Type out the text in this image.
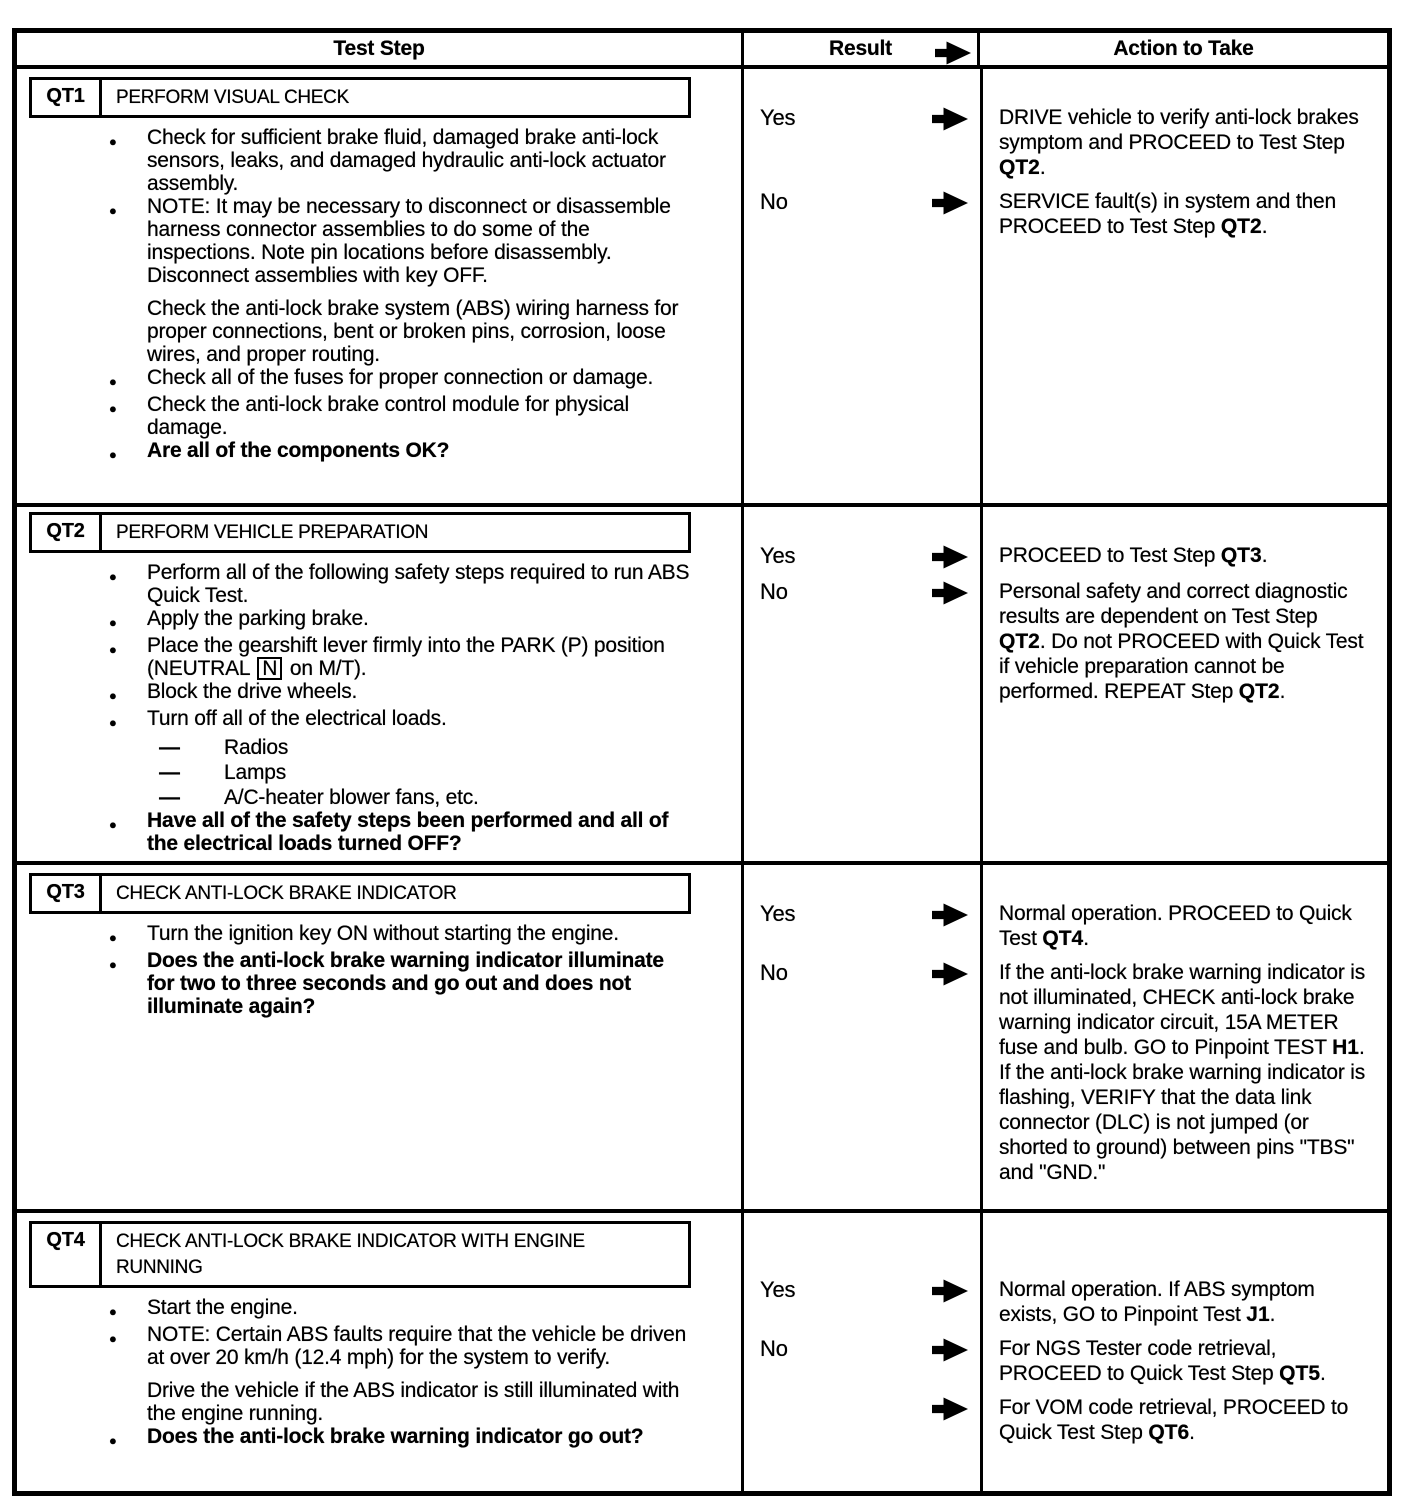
Test Step	Result	Action to Take
QT1	PERFORM VISUAL CHECK
●	Check for sufficient brake fluid, damaged brake anti-lock sensors, leaks, and damaged hydraulic anti-lock actuator assembly.
●	NOTE: It may be necessary to disconnect or disassemble harness connector assemblies to do some of the inspections. Note pin locations before disassembly. Disconnect assemblies with key OFF.
Check the anti-lock brake system (ABS) wiring harness for proper connections, bent or broken pins, corrosion, loose wires, and proper routing.
●	Check all of the fuses for proper connection or damage.
●	Check the anti-lock brake control module for physical damage.
●	Are all of the components OK?
Yes	DRIVE vehicle to verify anti-lock brakes symptom and PROCEED to Test Step QT2.
No	SERVICE fault(s) in system and then PROCEED to Test Step QT2.
QT2	PERFORM VEHICLE PREPARATION
●	Perform all of the following safety steps required to run ABS Quick Test.
●	Apply the parking brake.
●	Place the gearshift lever firmly into the PARK (P) position (NEUTRAL N on M/T).
●	Block the drive wheels.
●	Turn off all of the electrical loads.
—	Radios
—	Lamps
—	A/C-heater blower fans, etc.
●	Have all of the safety steps been performed and all of the electrical loads turned OFF?
Yes	PROCEED to Test Step QT3.
No	Personal safety and correct diagnostic results are dependent on Test Step QT2. Do not PROCEED with Quick Test if vehicle preparation cannot be performed. REPEAT Step QT2.
QT3	CHECK ANTI-LOCK BRAKE INDICATOR
●	Turn the ignition key ON without starting the engine.
●	Does the anti-lock brake warning indicator illuminate for two to three seconds and go out and does not illuminate again?
Yes	Normal operation. PROCEED to Quick Test QT4.
No	If the anti-lock brake warning indicator is not illuminated, CHECK anti-lock brake warning indicator circuit, 15A METER fuse and bulb. GO to Pinpoint TEST H1. If the anti-lock brake warning indicator is flashing, VERIFY that the data link connector (DLC) is not jumped (or shorted to ground) between pins "TBS" and "GND."
QT4	CHECK ANTI-LOCK BRAKE INDICATOR WITH ENGINE RUNNING
●	Start the engine.
●	NOTE: Certain ABS faults require that the vehicle be driven at over 20 km/h (12.4 mph) for the system to verify.
Drive the vehicle if the ABS indicator is still illuminated with the engine running.
●	Does the anti-lock brake warning indicator go out?
Yes	Normal operation. If ABS symptom exists, GO to Pinpoint Test J1.
No	For NGS Tester code retrieval, PROCEED to Quick Test Step QT5.
For VOM code retrieval, PROCEED to Quick Test Step QT6.
